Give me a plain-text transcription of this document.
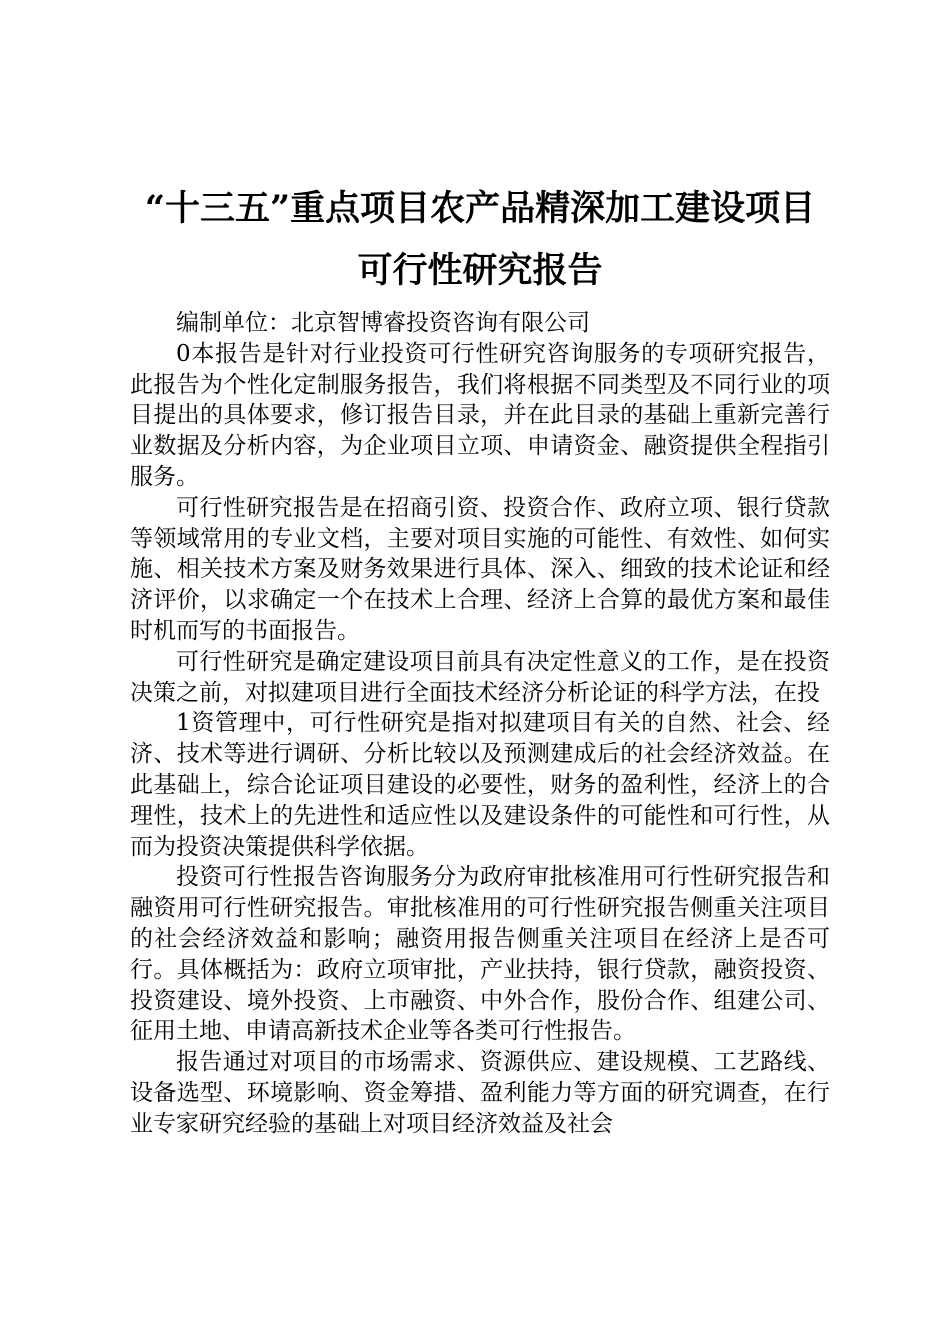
“十三五”重点项目农产品精深加工建设项目
可行性研究报告

编制单位：北京智博睿投资咨询有限公司

0本报告是针对行业投资可行性研究咨询服务的专项研究报告，此报告为个性化定制服务报告，我们将根据不同类型及不同行业的项目提出的具体要求，修订报告目录，并在此目录的基础上重新完善行业数据及分析内容，为企业项目立项、申请资金、融资提供全程指引服务。

可行性研究报告是在招商引资、投资合作、政府立项、银行贷款等领域常用的专业文档，主要对项目实施的可能性、有效性、如何实施、相关技术方案及财务效果进行具体、深入、细致的技术论证和经济评价，以求确定一个在技术上合理、经济上合算的最优方案和最佳时机而写的书面报告。

可行性研究是确定建设项目前具有决定性意义的工作，是在投资决策之前，对拟建项目进行全面技术经济分析论证的科学方法，在投

1资管理中，可行性研究是指对拟建项目有关的自然、社会、经济、技术等进行调研、分析比较以及预测建成后的社会经济效益。在此基础上，综合论证项目建设的必要性，财务的盈利性，经济上的合理性，技术上的先进性和适应性以及建设条件的可能性和可行性，从而为投资决策提供科学依据。

投资可行性报告咨询服务分为政府审批核准用可行性研究报告和融资用可行性研究报告。审批核准用的可行性研究报告侧重关注项目的社会经济效益和影响；融资用报告侧重关注项目在经济上是否可行。具体概括为：政府立项审批，产业扶持，银行贷款，融资投资、投资建设、境外投资、上市融资、中外合作，股份合作、组建公司、征用土地、申请高新技术企业等各类可行性报告。

报告通过对项目的市场需求、资源供应、建设规模、工艺路线、设备选型、环境影响、资金筹措、盈利能力等方面的研究调查，在行业专家研究经验的基础上对项目经济效益及社会
